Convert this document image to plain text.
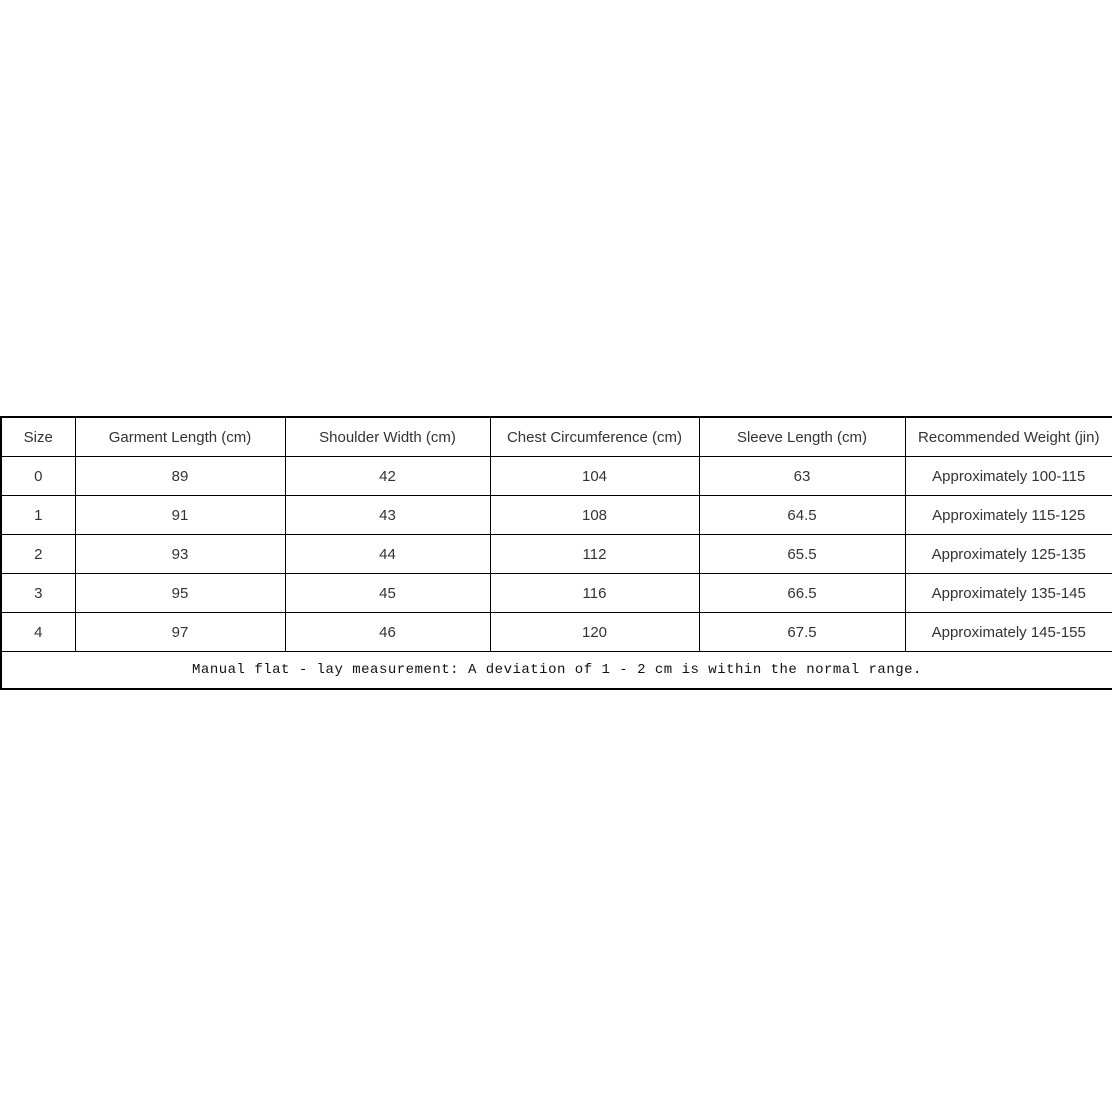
Size	Garment Length (cm)	Shoulder Width (cm)	Chest Circumference (cm)	Sleeve Length (cm)	Recommended Weight (jin)
0	89	42	104	63	Approximately 100-115
1	91	43	108	64.5	Approximately 115-125
2	93	44	112	65.5	Approximately 125-135
3	95	45	116	66.5	Approximately 135-145
4	97	46	120	67.5	Approximately 145-155
Manual flat - lay measurement: A deviation of 1 - 2 cm is within the normal range.					
